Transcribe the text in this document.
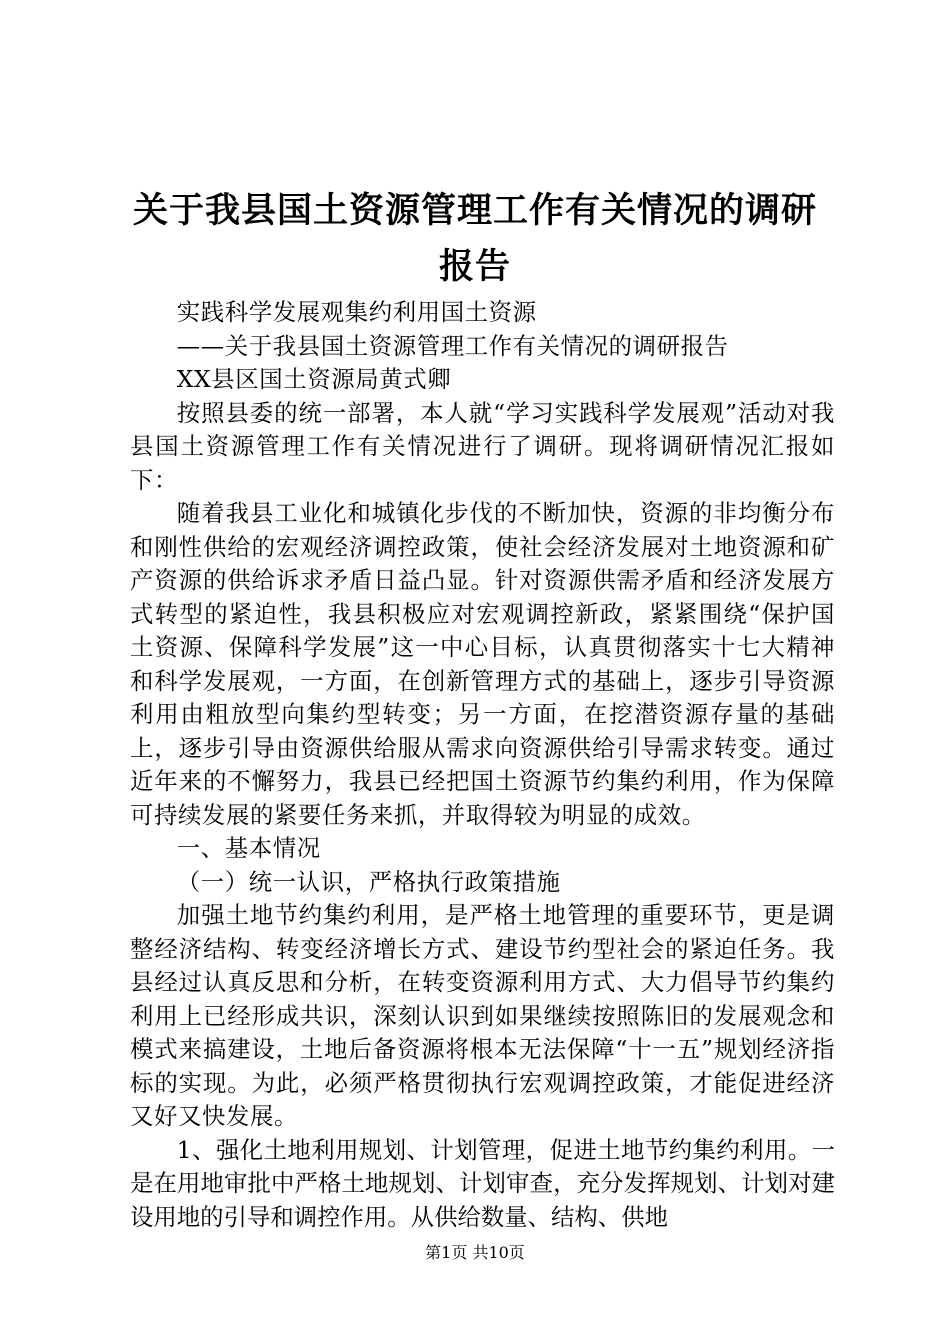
关于我县国土资源管理工作有关情况的调研报告

实践科学发展观集约利用国土资源

——关于我县国土资源管理工作有关情况的调研报告

XX县区国土资源局黄式卿

按照县委的统一部署，本人就“学习实践科学发展观”活动对我县国土资源管理工作有关情况进行了调研。现将调研情况汇报如下：

随着我县工业化和城镇化步伐的不断加快，资源的非均衡分布和刚性供给的宏观经济调控政策，使社会经济发展对土地资源和矿产资源的供给诉求矛盾日益凸显。针对资源供需矛盾和经济发展方式转型的紧迫性，我县积极应对宏观调控新政，紧紧围绕“保护国土资源、保障科学发展”这一中心目标，认真贯彻落实十七大精神和科学发展观，一方面，在创新管理方式的基础上，逐步引导资源利用由粗放型向集约型转变；另一方面，在挖潜资源存量的基础上，逐步引导由资源供给服从需求向资源供给引导需求转变。通过近年来的不懈努力，我县已经把国土资源节约集约利用，作为保障可持续发展的紧要任务来抓，并取得较为明显的成效。

一、基本情况

（一）统一认识，严格执行政策措施

加强土地节约集约利用，是严格土地管理的重要环节，更是调整经济结构、转变经济增长方式、建设节约型社会的紧迫任务。我县经过认真反思和分析，在转变资源利用方式、大力倡导节约集约利用上已经形成共识，深刻认识到如果继续按照陈旧的发展观念和模式来搞建设，土地后备资源将根本无法保障“十一五”规划经济指标的实现。为此，必须严格贯彻执行宏观调控政策，才能促进经济又好又快发展。

1、强化土地利用规划、计划管理，促进土地节约集约利用。一是在用地审批中严格土地规划、计划审查，充分发挥规划、计划对建设用地的引导和调控作用。从供给数量、结构、供地

第1页 共10页
